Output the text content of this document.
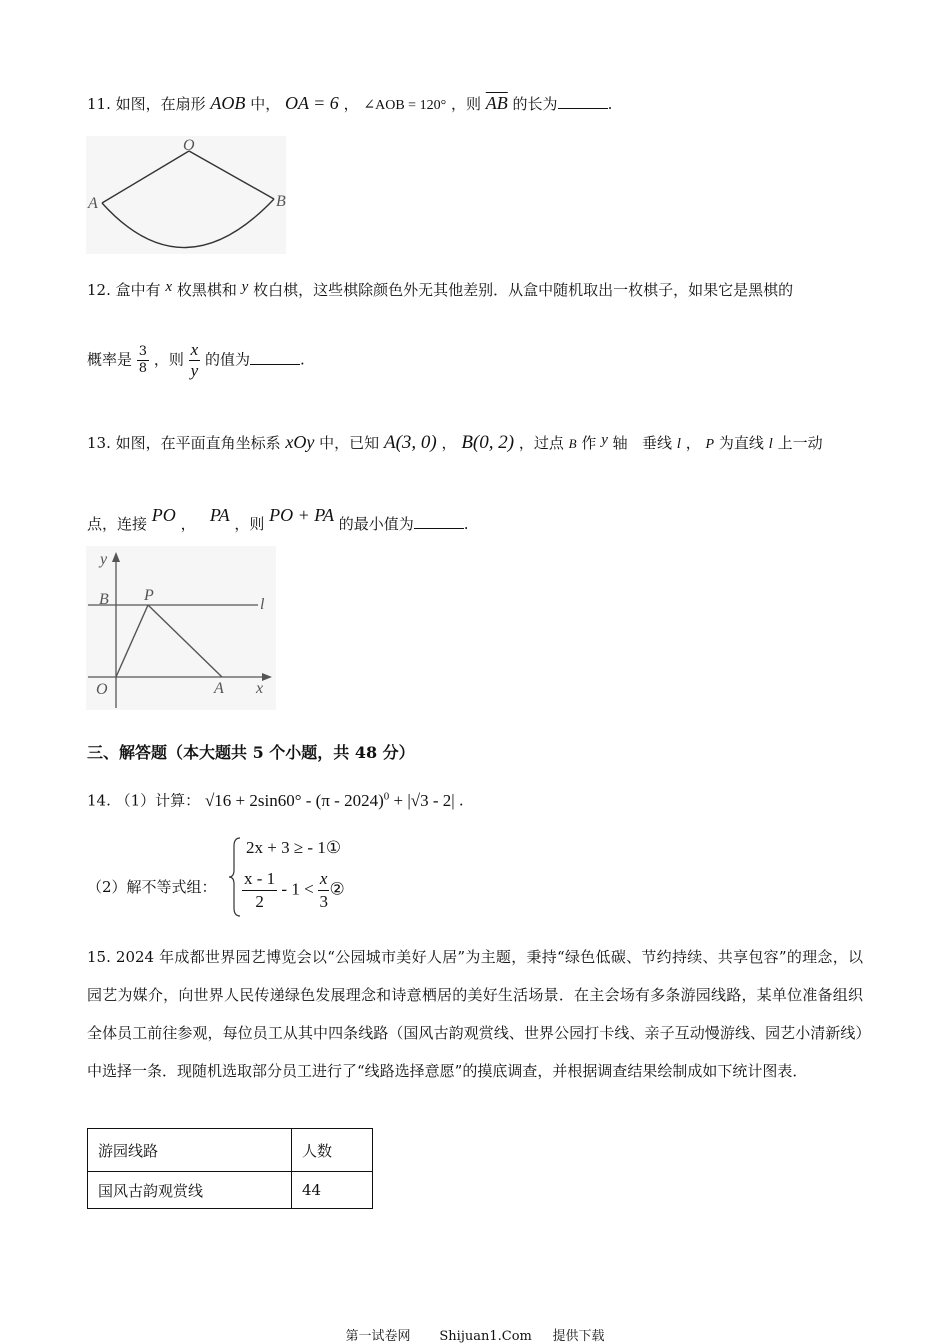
11. 如图，在扇形 AOB 中， OA = 6 ， ∠AOB = 120° ，则 $\overline{AB}$ 的长为	.
O
A	B
12. 盒中有 x 枚黑棋和 y 枚白棋，这些棋除颜色外无其他差别．从盒中随机取出一枚棋子，如果它是黑棋的
概率是 $\frac{3}{8}$ ，则 $\frac{x}{y}$ 的值为	.
13. 如图，在平面直角坐标系 xOy 中，已知 A(3, 0) ， B(0, 2) ，过点 B 作 y 轴 垂线 l ， P 为直线 l 上一动
点，连接 PO ， PA ，则 PO + PA 的最小值为	.
y
x
B P
l
O	A
三、解答题（本大题共 5 个小题，共 48 分）
14. （1）计算： √16 + 2sin60° - (π - 2024)$^0$ + |√3 - 2| .
（2）解不等式组：
2x + 3 ≥ - 1①
$\frac{x - 1}{2} - 1 < \frac{x}{3}$ ②
15. 2024 年成都世界园艺博览会以“公园城市美好人居”为主题，秉持“绿色低碳、节约持续、共享包容”的理念，以园艺为媒介，向世界人民传递绿色发展理念和诗意栖居的美好生活场景．在主会场有多条游园线路，某单位准备组织全体员工前往参观，每位员工从其中四条线路（国风古韵观赏线、世界公园打卡线、亲子互动慢游线、园艺小清新线）中选择一条．现随机选取部分员工进行了“线路选择意愿”的摸底调查，并根据调查结果绘制成如下统计图表．
游园线路	人数
国风古韵观赏线	44
第一试卷网 Shijuan1.Com 提供下载
